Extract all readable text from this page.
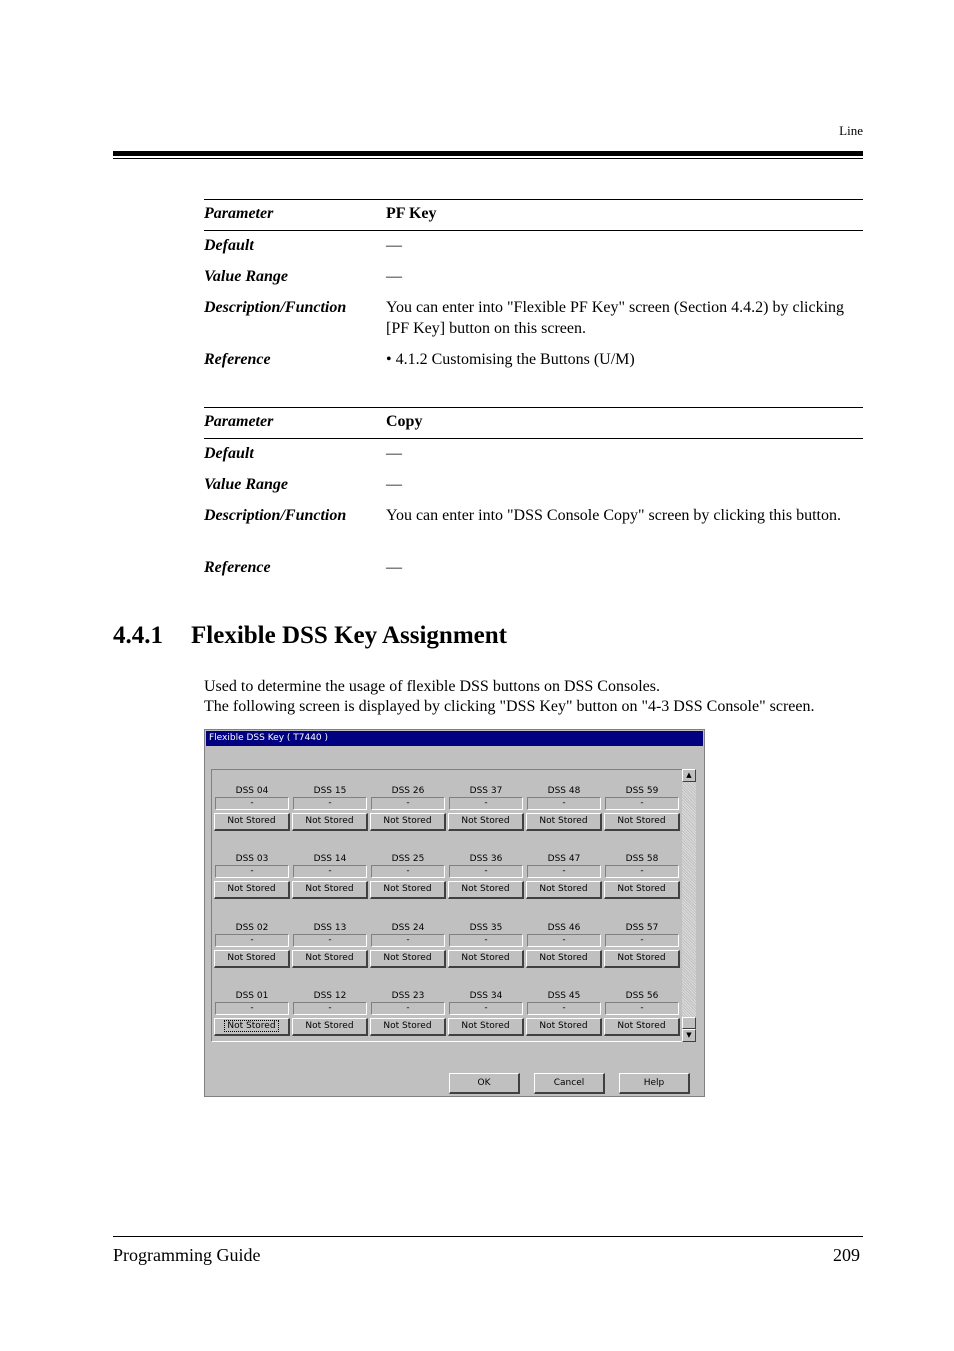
Line
Parameter	PF Key
Default	—
Value Range	—
Description/Function	You can enter into "Flexible PF Key" screen (Section 4.4.2) by clicking [PF Key] button on this screen.
Reference	• 4.1.2 Customising the Buttons (U/M)
Parameter	Copy
Default	—
Value Range	—
Description/Function	You can enter into "DSS Console Copy" screen by clicking this button.
Reference	—
4.4.1 Flexible DSS Key Assignment
Used to determine the usage of flexible DSS buttons on DSS Consoles.
The following screen is displayed by clicking "DSS Key" button on "4-3 DSS Console" screen.
Flexible DSS Key ( T7440 )
▲
▼
OK	Cancel	Help
DSS 04
-
Not Stored
DSS 15
-
Not Stored
DSS 26
-
Not Stored
DSS 37
-
Not Stored
DSS 48
-
Not Stored
DSS 59
-
Not Stored
DSS 03
-
Not Stored
DSS 14
-
Not Stored
DSS 25
-
Not Stored
DSS 36
-
Not Stored
DSS 47
-
Not Stored
DSS 58
-
Not Stored
DSS 02
-
Not Stored
DSS 13
-
Not Stored
DSS 24
-
Not Stored
DSS 35
-
Not Stored
DSS 46
-
Not Stored
DSS 57
-
Not Stored
DSS 01
-
Not Stored
DSS 12
-
Not Stored
DSS 23
-
Not Stored
DSS 34
-
Not Stored
DSS 45
-
Not Stored
DSS 56
-
Not Stored
Programming Guide	209
